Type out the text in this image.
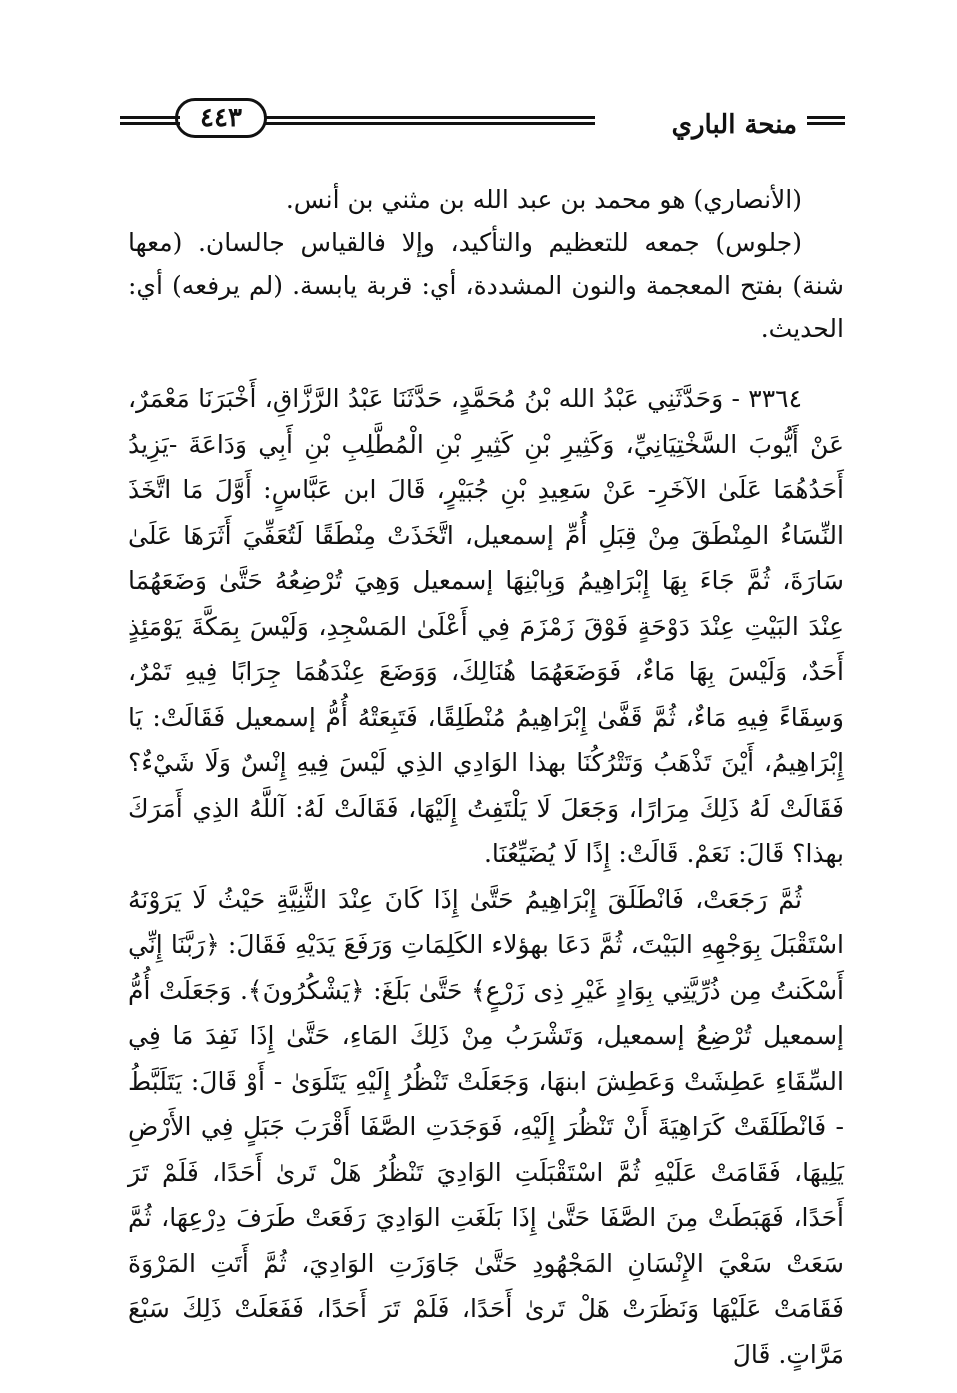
منحة الباري
٤٤٣

(الأنصاري) هو محمد بن عبد الله بن مثني بن أنس.

(جلوس) جمعه للتعظيم والتأكيد، وإلا فالقياس جالسان. (معها شنة) بفتح المعجمة والنون المشددة، أي: قربة يابسة. (لم يرفعه) أي: الحديث.

٣٣٦٤ - وَحَدَّثَنِي عَبْدُ الله بْنُ مُحَمَّدٍ، حَدَّثَنَا عَبْدُ الرَّزَّاقِ، أَخْبَرَنَا مَعْمَرٌ، عَنْ أَيُّوبَ السَّخْتِيَانِيِّ، وَكَثِيرِ بْنِ كَثِيرِ بْنِ الْمُطَّلِبِ بْنِ أَبِي وَدَاعَةَ -يَزِيدُ أَحَدُهُمَا عَلَىٰ الآخَرِ- عَنْ سَعِيدِ بْنِ جُبَيْرٍ، قَالَ ابن عَبَّاسٍ: أَوَّلَ مَا اتَّخَذَ النِّسَاءُ المِنْطَقَ مِنْ قِبَلِ أُمِّ إسمعيل، اتَّخَذَتْ مِنْطَقًا لَتُعَفِّيَ أَثَرَهَا عَلَىٰ سَارَةَ، ثُمَّ جَاءَ بِهَا إِبْرَاهِيمُ وَبِابْنِهَا إسمعيل وَهِيَ تُرْضِعُهُ حَتَّىٰ وَضَعَهُمَا عِنْدَ البَيْتِ عِنْدَ دَوْحَةٍ فَوْقَ زَمْزَمَ فِي أَعْلَىٰ المَسْجِدِ، وَلَيْسَ بِمَكَّةَ يَوْمَئِذٍ أَحَدٌ، وَلَيْسَ بِهَا مَاءٌ، فَوَضَعَهُمَا هُنَالِكَ، وَوَضَعَ عِنْدَهُمَا جِرَابًا فِيهِ تَمْرٌ، وَسِقَاءً فِيهِ مَاءٌ، ثُمَّ قَفَّىٰ إِبْرَاهِيمُ مُنْطَلِقًا، فَتَبِعَتْهُ أُمُّ إسمعيل فَقَالَتْ: يَا إِبْرَاهِيمُ، أَيْنَ تَذْهَبُ وَتَتْرُكُنَا بهذا الوَادِي الذِي لَيْسَ فِيهِ إِنْسٌ وَلَا شَيْءٌ؟ فَقَالَتْ لَهُ ذَلِكَ مِرَارًا، وَجَعَلَ لَا يَلْتَفِتُ إِلَيْهَا، فَقَالَتْ لَهُ: آللَّهُ الذِي أَمَرَكَ بهذا؟ قَالَ: نَعَمْ. قَالَتْ: إِذًا لَا يُضَيِّعُنَا.

ثُمَّ رَجَعَتْ، فَانْطَلَقَ إِبْرَاهِيمُ حَتَّىٰ إِذَا كَانَ عِنْدَ الثَّنِيَّةِ حَيْثُ لَا يَرَوْنَهُ اسْتَقْبَلَ بِوَجْهِهِ البَيْتَ، ثُمَّ دَعَا بهؤلاء الكَلِمَاتِ وَرَفَعَ يَدَيْهِ فَقَالَ: ﴿رَبَّنَا إِنِّي أَسْكَنتُ مِن ذُرِّيَّتِي بِوَادٍ غَيْرِ ذِى زَرْعٍ﴾ حَتَّىٰ بَلَغَ: ﴿يَشْكُرُونَ﴾. وَجَعَلَتْ أُمُّ إسمعيل تُرْضِعُ إسمعيل، وَتَشْرَبُ مِنْ ذَلِكَ المَاءِ، حَتَّىٰ إِذَا نَفِدَ مَا فِي السِّقَاءِ عَطِشَتْ وَعَطِشَ ابنهَا، وَجَعَلَتْ تَنْظُرُ إِلَيْهِ يَتَلَوَىٰ - أَوْ قَالَ: يَتَلَبَّطُ - فَانْطَلَقَتْ كَرَاهِيَةَ أَنْ تَنْظُرَ إِلَيْهِ، فَوَجَدَتِ الصَّفَا أَقْرَبَ جَبَلٍ فِي الأَرْضِ يَلِيهَا، فَقَامَتْ عَلَيْهِ ثُمَّ اسْتَقْبَلَتِ الوَادِيَ تَنْظُرُ هَلْ تَرىٰ أَحَدًا، فَلَمْ تَرَ أَحَدًا، فَهَبَطَتْ مِنَ الصَّفَا حَتَّىٰ إِذَا بَلَغَتِ الوَادِيَ رَفَعَتْ طَرَفَ دِرْعِهَا، ثُمَّ سَعَتْ سَعْيَ الإِنْسَانِ المَجْهُودِ حَتَّىٰ جَاوَزَتِ الوَادِيَ، ثُمَّ أَتَتِ المَرْوَةَ فَقَامَتْ عَلَيْهَا وَنَظَرَتْ هَلْ تَرىٰ أَحَدًا، فَلَمْ تَرَ أَحَدًا، فَفَعَلَتْ ذَلِكَ سَبْعَ مَرَّاتٍ. قَالَ
